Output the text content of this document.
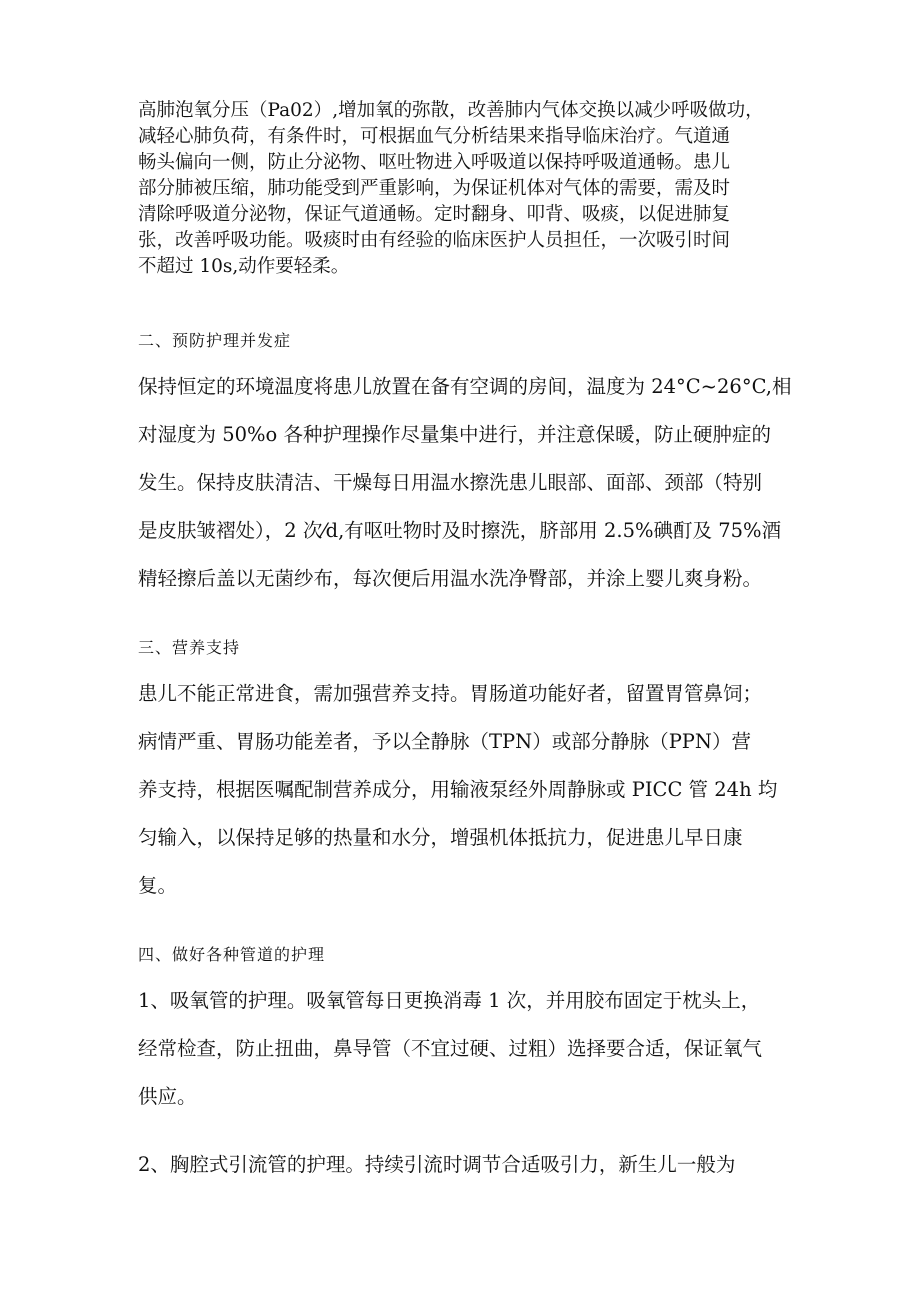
高肺泡氧分压（Pa02）,增加氧的弥散，改善肺内气体交换以减少呼吸做功，
减轻心肺负荷，有条件时，可根据血气分析结果来指导临床治疗。气道通
畅头偏向一侧，防止分泌物、呕吐物进入呼吸道以保持呼吸道通畅。患儿
部分肺被压缩，肺功能受到严重影响，为保证机体对气体的需要，需及时
清除呼吸道分泌物，保证气道通畅。定时翻身、叩背、吸痰，以促进肺复
张，改善呼吸功能。吸痰时由有经验的临床医护人员担任，一次吸引时间
不超过 10s,动作要轻柔。

二、预防护理并发症

保持恒定的环境温度将患儿放置在备有空调的房间，温度为 24°C~26°C,相
对湿度为 50%o 各种护理操作尽量集中进行，并注意保暖，防止硬肿症的
发生。保持皮肤清洁、干燥每日用温水擦洗患儿眼部、面部、颈部（特别
是皮肤皱褶处），2 次⁄d,有呕吐物时及时擦洗，脐部用 2.5%碘酊及 75%酒
精轻擦后盖以无菌纱布，每次便后用温水洗净臀部，并涂上婴儿爽身粉。

三、营养支持

患儿不能正常进食，需加强营养支持。胃肠道功能好者，留置胃管鼻饲；
病情严重、胃肠功能差者，予以全静脉（TPN）或部分静脉（PPN）营
养支持，根据医嘱配制营养成分，用输液泵经外周静脉或 PICC 管 24h 均
匀输入，以保持足够的热量和水分，增强机体抵抗力，促进患儿早日康
复。

四、做好各种管道的护理

1、吸氧管的护理。吸氧管每日更换消毒 1 次，并用胶布固定于枕头上，
经常检查，防止扭曲，鼻导管（不宜过硬、过粗）选择要合适，保证氧气
供应。

2、胸腔式引流管的护理。持续引流时调节合适吸引力，新生儿一般为
